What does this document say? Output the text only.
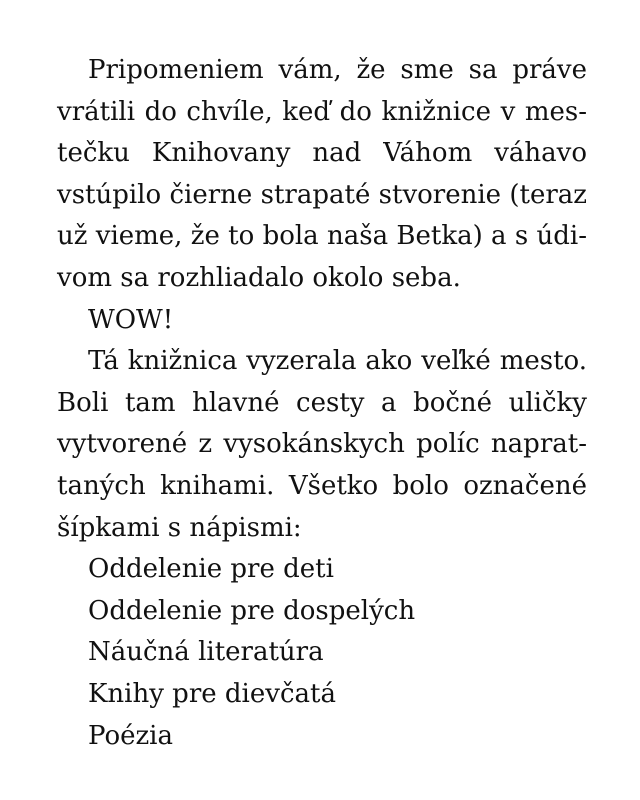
Pripomeniem vám, že sme sa práve
vrátili do chvíle, keď do knižnice v mes-
tečku Knihovany nad Váhom váhavo
vstúpilo čierne strapaté stvorenie (teraz
už vieme, že to bola naša Betka) a s údi-
vom sa rozhliadalo okolo seba.
WOW!
Tá knižnica vyzerala ako veľké mesto.
Boli tam hlavné cesty a bočné uličky
vytvorené z vysokánskych políc naprat-
taných knihami. Všetko bolo označené
šípkami s nápismi:
Oddelenie pre deti
Oddelenie pre dospelých
Náučná literatúra
Knihy pre dievčatá
Poézia
